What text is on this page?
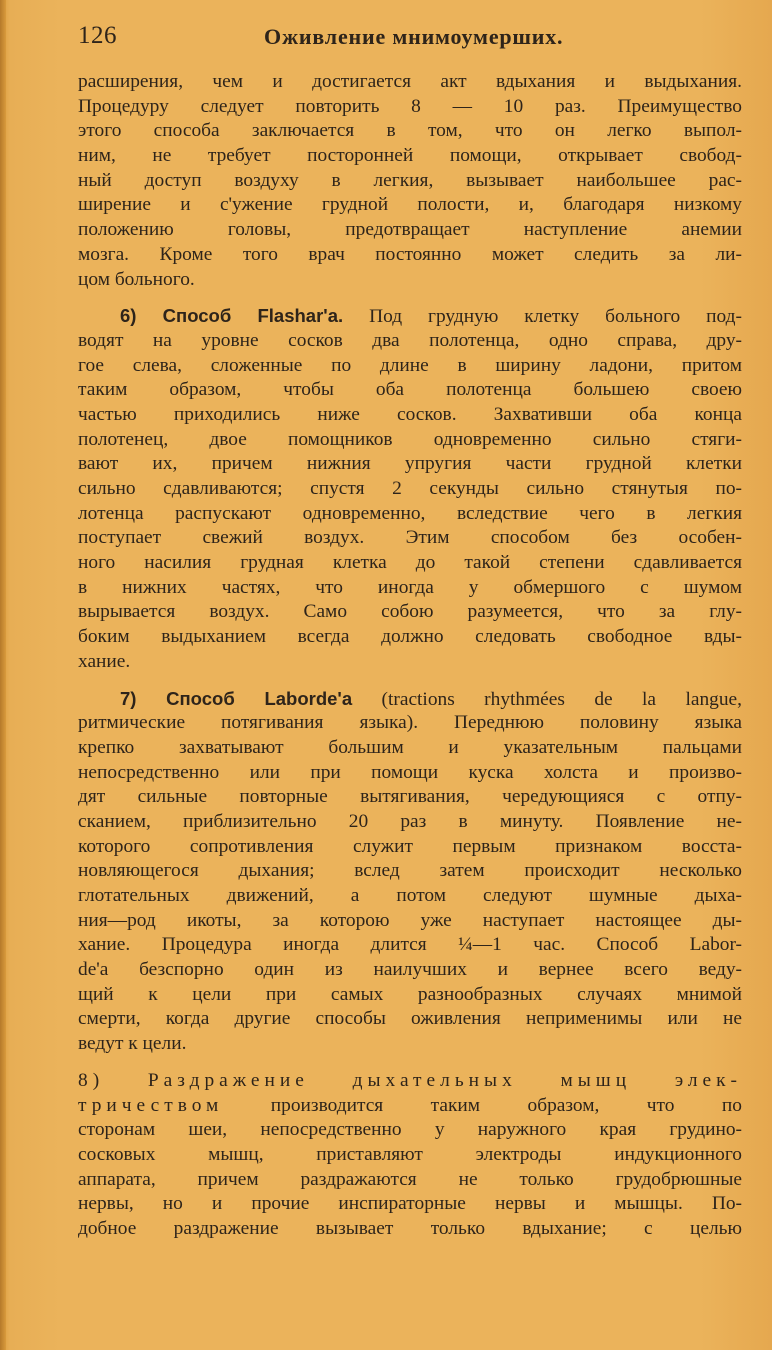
126	Оживление мнимоумерших.
расширения, чем и достигается акт вдыхания и выдыхания.
Процедуру следует повторить 8 — 10 раз. Преимущество
этого способа заключается в том, что он легко выпол-
ним, не требует посторонней помощи, открывает свобод-
ный доступ воздуху в легкия, вызывает наибольшее рас-
ширение и с'ужение грудной полости, и, благодаря низкому
положению головы, предотвращает наступление анемии
мозга. Кроме того врач постоянно может следить за ли-
цом больного.
6) Способ Flashar'a. Под грудную клетку больного под-
водят на уровне сосков два полотенца, одно справа, дру-
гое слева, сложенные по длине в ширину ладони, притом
таким образом, чтобы оба полотенца большею своею
частью приходились ниже сосков. Захвативши оба конца
полотенец, двое помощников одновременно сильно стяги-
вают их, причем нижния упругия части грудной клетки
сильно сдавливаются; спустя 2 секунды сильно стянутыя по-
лотенца распускают одновременно, вследствие чего в легкия
поступает свежий воздух. Этим способом без особен-
ного насилия грудная клетка до такой степени сдавливается
в нижних частях, что иногда у обмершого с шумом
вырывается воздух. Само собою разумеется, что за глу-
боким выдыханием всегда должно следовать свободное вды-
хание.
7) Способ Laborde'a (tractions rhythmées de la langue,
ритмические потягивания языка). Переднюю половину языка
крепко захватывают большим и указательным пальцами
непосредственно или при помощи куска холста и произво-
дят сильные повторные вытягивания, чередующияся с отпу-
сканием, приблизительно 20 раз в минуту. Появление не-
которого сопротивления служит первым признаком восста-
новляющегося дыхания; вслед затем происходит несколько
глотательных движений, а потом следуют шумные дыха-
ния—род икоты, за которою уже наступает настоящее ды-
хание. Процедура иногда длится ¼—1 час. Способ Labor-
de'a безспорно один из наилучших и вернее всего веду-
щий к цели при самых разнообразных случаях мнимой
смерти, когда другие способы оживления неприменимы или не
ведут к цели.
8) Раздражение дыхательных мышц элек-
тричеством производится таким образом, что по
сторонам шеи, непосредственно у наружного края грудино-
сосковых мышц, приставляют электроды индукционного
аппарата, причем раздражаются не только грудобрюшные
нервы, но и прочие инспираторные нервы и мышцы. По-
добное раздражение вызывает только вдыхание; с целью
